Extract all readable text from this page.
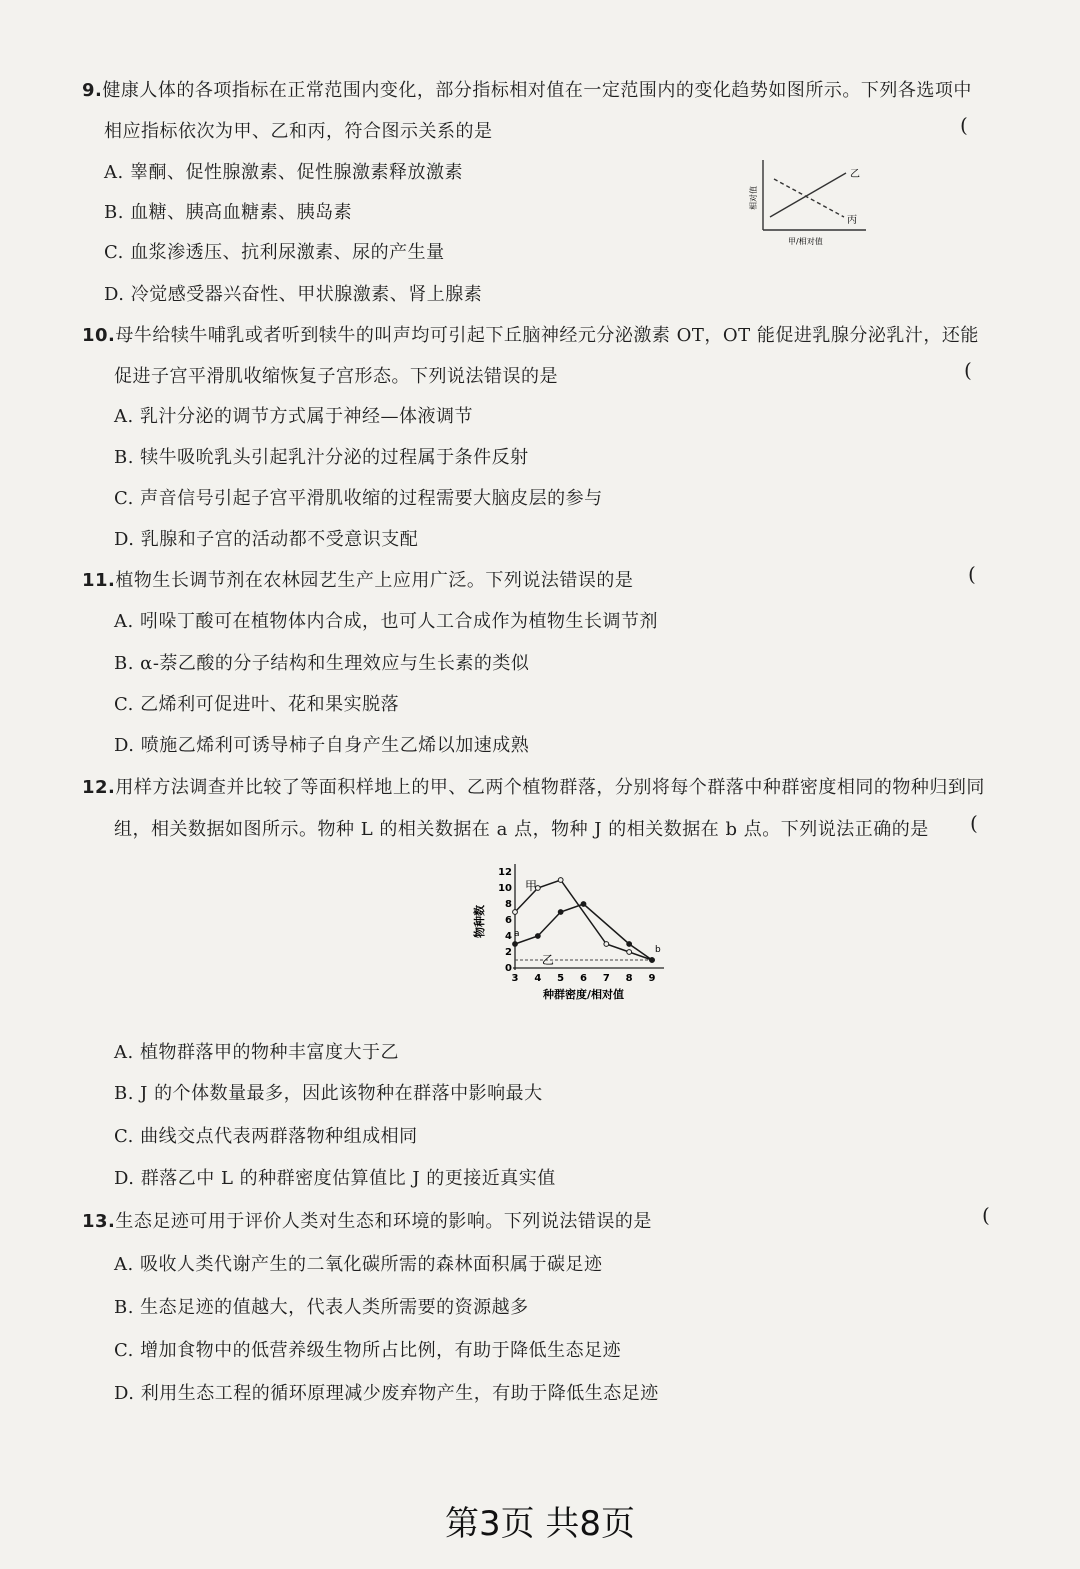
9.健康人体的各项指标在正常范围内变化，部分指标相对值在一定范围内的变化趋势如图所示。下列各选项中
相应指标依次为甲、乙和丙，符合图示关系的是	(
A. 睾酮、促性腺激素、促性腺激素释放激素
B. 血糖、胰高血糖素、胰岛素
C. 血浆渗透压、抗利尿激素、尿的产生量
D. 冷觉感受器兴奋性、甲状腺激素、肾上腺素
乙
丙
相对值
甲/相对值
10.母牛给犊牛哺乳或者听到犊牛的叫声均可引起下丘脑神经元分泌激素 OT，OT 能促进乳腺分泌乳汁，还能
促进子宫平滑肌收缩恢复子宫形态。下列说法错误的是	(
A. 乳汁分泌的调节方式属于神经—体液调节
B. 犊牛吸吮乳头引起乳汁分泌的过程属于条件反射
C. 声音信号引起子宫平滑肌收缩的过程需要大脑皮层的参与
D. 乳腺和子宫的活动都不受意识支配
11.植物生长调节剂在农林园艺生产上应用广泛。下列说法错误的是	(
A. 吲哚丁酸可在植物体内合成，也可人工合成作为植物生长调节剂
B. α-萘乙酸的分子结构和生理效应与生长素的类似
C. 乙烯利可促进叶、花和果实脱落
D. 喷施乙烯利可诱导柿子自身产生乙烯以加速成熟
12.用样方法调查并比较了等面积样地上的甲、乙两个植物群落，分别将每个群落中种群密度相同的物种归到同
组，相关数据如图所示。物种 L 的相关数据在 a 点，物种 J 的相关数据在 b 点。下列说法正确的是 (
3 4 5 6 7 8 9
0
2
4
6
8
10
12
甲
乙
a
b
物种数
种群密度/相对值
A. 植物群落甲的物种丰富度大于乙
B. J 的个体数量最多，因此该物种在群落中影响最大
C. 曲线交点代表两群落物种组成相同
D. 群落乙中 L 的种群密度估算值比 J 的更接近真实值
13.生态足迹可用于评价人类对生态和环境的影响。下列说法错误的是	(
A. 吸收人类代谢产生的二氧化碳所需的森林面积属于碳足迹
B. 生态足迹的值越大，代表人类所需要的资源越多
C. 增加食物中的低营养级生物所占比例，有助于降低生态足迹
D. 利用生态工程的循环原理减少废弃物产生，有助于降低生态足迹
第3页 共8页
